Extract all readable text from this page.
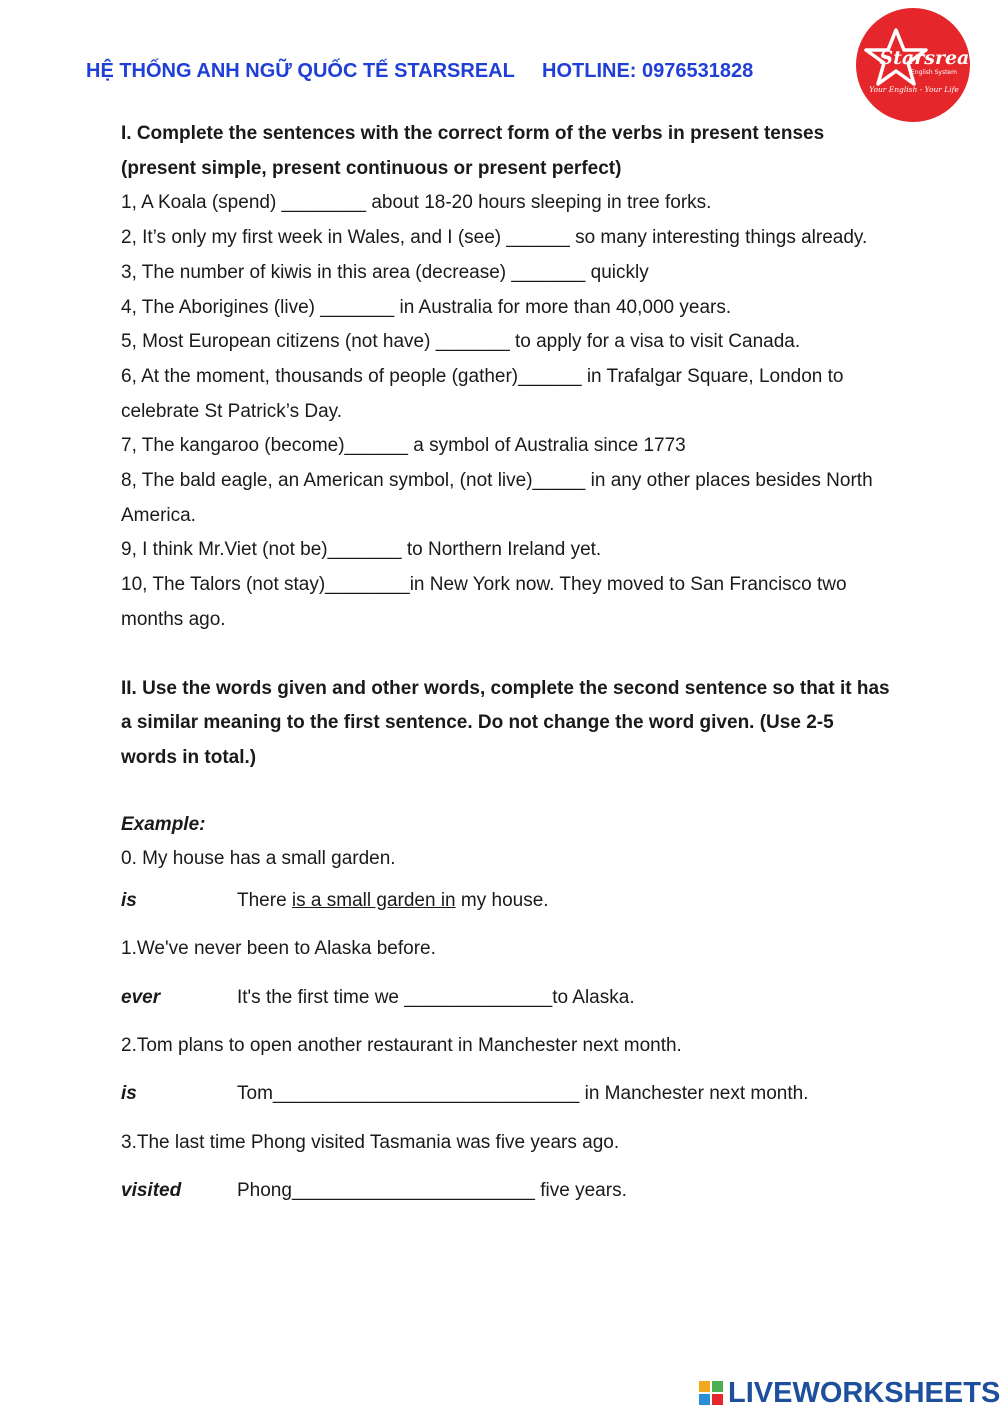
HỆ THỐNG ANH NGỮ QUỐC TẾ STARSREAL HOTLINE: 0976531828
Starsreal
English System
Your English - Your Life

I. Complete the sentences with the correct form of the verbs in present tenses (present simple, present continuous or present perfect)

1, A Koala (spend) ________ about 18-20 hours sleeping in tree forks.

2, It’s only my first week in Wales, and I (see) ______ so many interesting things already.

3, The number of kiwis in this area (decrease) _______ quickly

4, The Aborigines (live) _______ in Australia for more than 40,000 years.

5, Most European citizens (not have) _______ to apply for a visa to visit Canada.

6, At the moment, thousands of people (gather)______ in Trafalgar Square, London to celebrate St Patrick’s Day.

7, The kangaroo (become)______ a symbol of Australia since 1773

8, The bald eagle, an American symbol, (not live)_____ in any other places besides North America.

9, I think Mr.Viet (not be)_______ to Northern Ireland yet.

10, The Talors (not stay)________in New York now. They moved to San Francisco two months ago.

II. Use the words given and other words, complete the second sentence so that it has a similar meaning to the first sentence. Do not change the word given. (Use 2-5 words in total.)

Example:

0. My house has a small garden.

is	There is a small garden in my house.
1.We've never been to Alaska before.
ever	It's the first time we ______________to Alaska.
2.Tom plans to open another restaurant in Manchester next month.
is	Tom_____________________________ in Manchester next month.
3.The last time Phong visited Tasmania was five years ago.
visited	Phong_______________________ five years.
LIVEWORKSHEETS
